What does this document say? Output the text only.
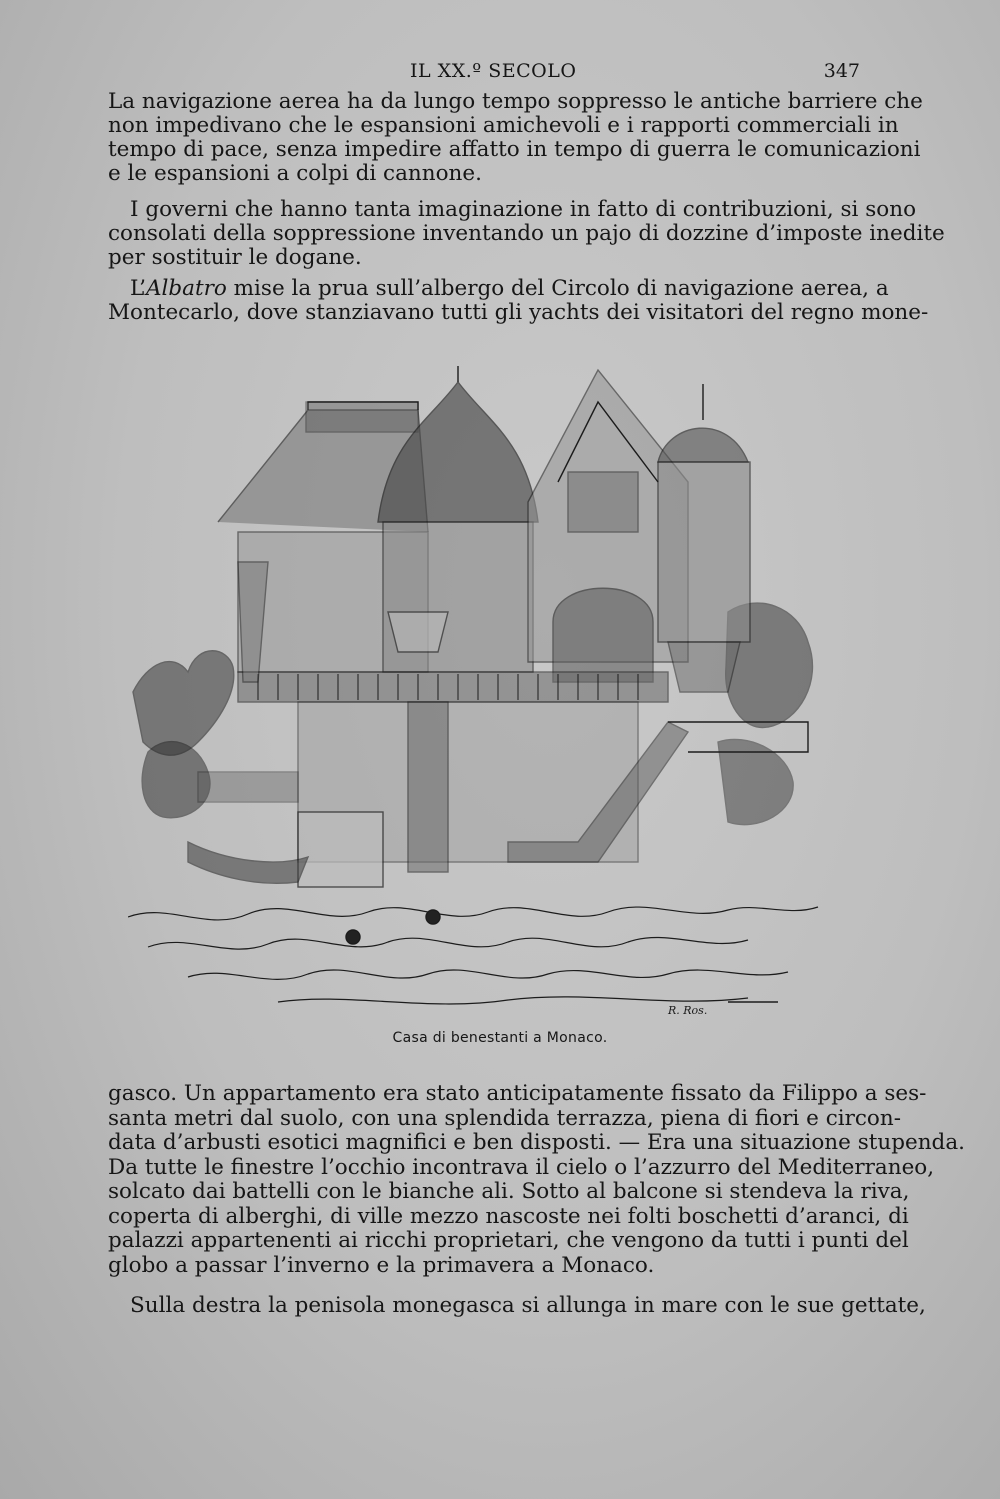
IL XX.º SECOLO	347

La navigazione aerea ha da lungo tempo soppresso le antiche barriere che
non impedivano che le espansioni amichevoli e i rapporti commerciali in
tempo di pace, senza impedire affatto in tempo di guerra le comunicazioni
e le espansioni a colpi di cannone.

I governi che hanno tanta imaginazione in fatto di contribuzioni, si sono
consolati della soppressione inventando un pajo di dozzine d’imposte inedite
per sostituir le dogane.

L’Albatro mise la prua sull’albergo del Circolo di navigazione aerea, a
Montecarlo, dove stanziavano tutti gli yachts dei visitatori del regno mone-

R. Ros.
Casa di benestanti a Monaco.

gasco. Un appartamento era stato anticipatamente fissato da Filippo a ses-
santa metri dal suolo, con una splendida terrazza, piena di fiori e circon-
data d’arbusti esotici magnifici e ben disposti. — Era una situazione stupenda.
Da tutte le finestre l’occhio incontrava il cielo o l’azzurro del Mediterraneo,
solcato dai battelli con le bianche ali. Sotto al balcone si stendeva la riva,
coperta di alberghi, di ville mezzo nascoste nei folti boschetti d’aranci, di
palazzi appartenenti ai ricchi proprietari, che vengono da tutti i punti del
globo a passar l’inverno e la primavera a Monaco.

Sulla destra la penisola monegasca si allunga in mare con le sue gettate,
